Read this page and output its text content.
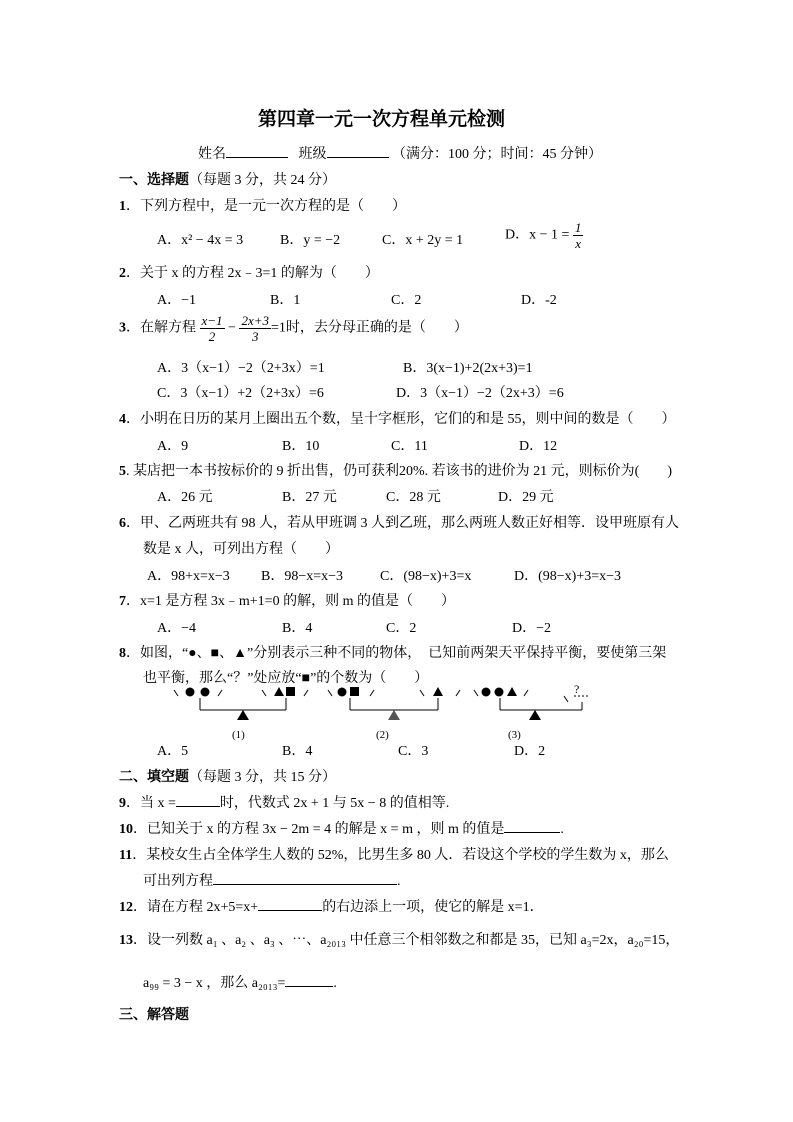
第四章一元一次方程单元检测
姓名	班级	（满分：100 分；时间：45 分钟）
一、选择题（每题 3 分，共 24 分）
1．下列方程中，是一元一次方程的是（　　）
A．x² − 4x = 3	B．y = −2	C．x + 2y = 1	D．$x - 1 = \frac{1}{x}$
2．关于 x 的方程 2x﹣3=1 的解为（　　）
A．−1	B．1	C．2	D．-2
3．在解方程 $\frac{x-1}{2} - \frac{2x+3}{3} =1$时，去分母正确的是（　　）
A．3（x−1）−2（2+3x）=1	B．3(x−1)+2(2x+3)=1
C．3（x−1）+2（2+3x）=6	D．3（x−1）−2（2x+3）=6
4．小明在日历的某月上圈出五个数，呈十字框形，它们的和是 55，则中间的数是（　　）
A．9	B．10	C．11	D．12
5. 某店把一本书按标价的 9 折出售，仍可获利20%. 若该书的进价为 21 元，则标价为(　　)
A．26 元	B．27 元	C．28 元	D．29 元
6．甲、乙两班共有 98 人，若从甲班调 3 人到乙班，那么两班人数正好相等．设甲班原有人
数是 x 人，可列出方程（　　）
A．98+x=x−3 B．98−x=x−3	C．(98−x)+3=x	D．(98−x)+3=x−3
7．x=1 是方程 3x﹣m+1=0 的解，则 m 的值是（　　）
A．−4	B．4	C．2	D．−2
8．如图，“●、■、▲”分别表示三种不同的物体，　已知前两架天平保持平衡，要使第三架
也平衡，那么“？”处应放“■”的个数为（　　）
(1)	(2)
?
(3)
A．5	B．4	C．3	D．2
二、填空题（每题 3 分，共 15 分）
9．当 x =	时，代数式 2x + 1 与 5x − 8 的值相等.
10．已知关于 x 的方程 3x − 2m = 4 的解是 x = m ，则 m 的值是	.
11．某校女生占全体学生人数的 52%，比男生多 80 人．若设这个学校的学生数为 x，那么
可出列方程	.
12．请在方程 2x+5=x+	的右边添上一项，使它的解是 x=1．
13．设一列数 a₁ 、a₂ 、a₃ 、⋯、a₂₀₁₃ 中任意三个相邻数之和都是 35，已知 a₃=2x，a₂₀=15，
a₉₉ = 3 − x ，那么 a₂₀₁₃=	.
三、解答题
